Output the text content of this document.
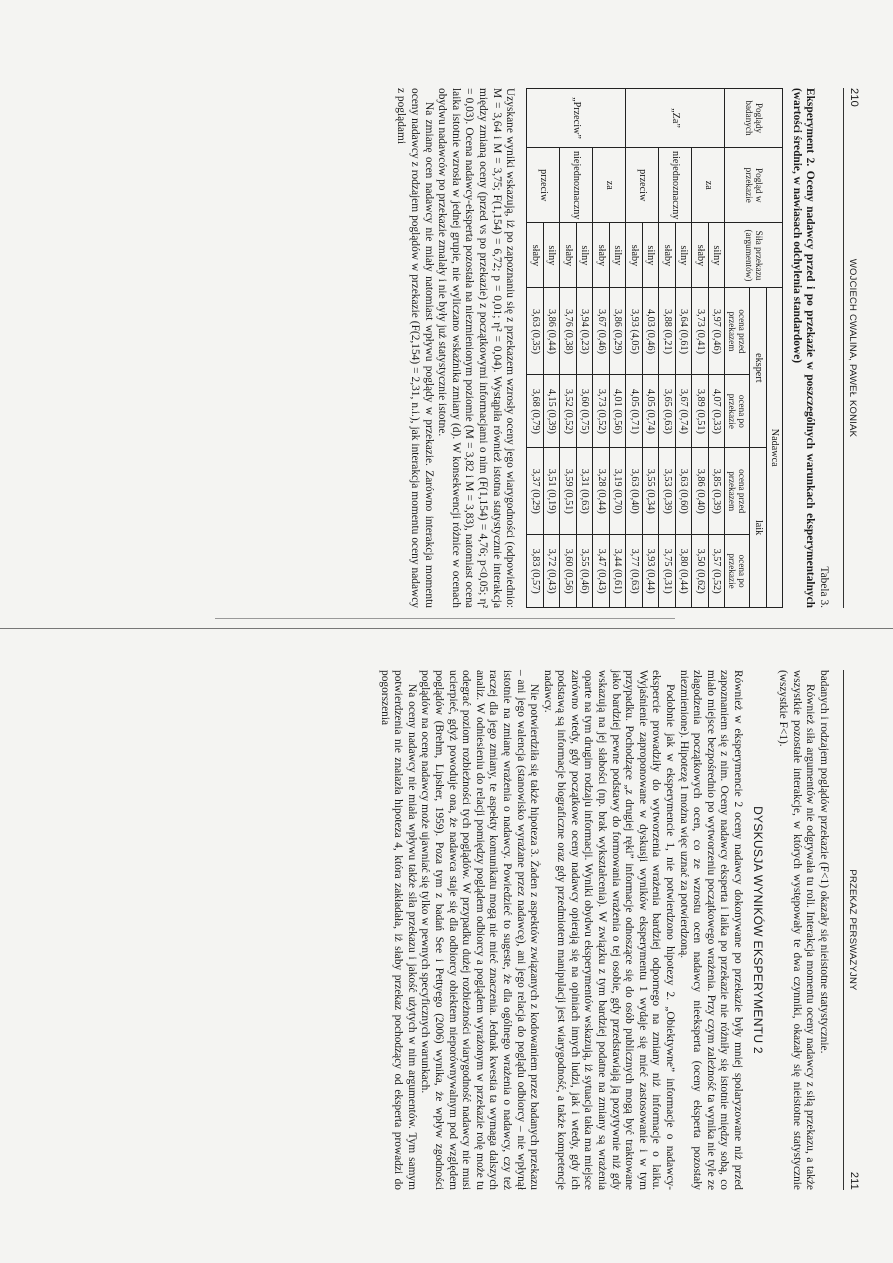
210
WOJCIECH CWALINA, PAWEŁ KONIAK
Tabela 3.
Eksperyment 2. Oceny nadawcy przed i po przekazie w poszczególnych warunkach eksperymentalnych (wartości średnie, w nawiasach odchylenia standardowe)
Poglądy badanych	Pogląd w przekazie	Siła przekazu (argumentów)	Nadawca			
			ekspert		laik	
			ocena przed przekazem	ocena po przekazie	ocena przed przekazem	ocena po przekazie
„Za”	za	silny	3,97 (0,46)	4,07 (0,33)	3,85 (0,39)	3,57 (0,52)
		słaby	3,73 (0,41)	3,89 (0,51)	3,86 (0,40)	3,50 (0,62)
	niejednoznaczny	silny	3,64 (0,61)	3,67 (0,74)	3,63 (0,60)	3,80 (0,44)
		słaby	3,88 (0,21)	3,65 (0,63)	3,53 (0,39)	3,75 (0,31)
	przeciw	silny	4,03 (0,46)	4,05 (0,74)	3,55 (0,34)	3,93 (0,44)
		słaby	3,93 (4,05)	4,05 (0,71)	3,63 (0,40)	3,77 (0,63)
„Przeciw”	za	silny	3,86 (0,29)	4,01 (0,56)	3,19 (0,70)	3,44 (0,61)
		słaby	3,67 (0,46)	3,73 (0,52)	3,28 (0,44)	3,47 (0,43)
	niejednoznaczny	silny	3,94 (0,23)	3,60 (0,75)	3,31 (0,63)	3,55 (0,46)
		słaby	3,76 (0,38)	3,52 (0,52)	3,59 (0,51)	3,60 (0,56)
	przeciw	silny	3,86 (0,44)	4,15 (0,39)	3,51 (0,19)	3,72 (0,43)
		słaby	3,63 (0,35)	3,68 (0,79)	3,37 (0,29)	3,83 (0,57)

Uzyskane wyniki wskazują, iż po zapoznaniu się z przekazem wzrosły oceny jego wiarygodności (odpowiednio: M = 3,64 i M = 3,75; F(1,154) = 6,72; p = 0,01; η² = 0,04). Wystąpiła również istotna statystycznie interakcja między zmianą oceny (przed vs po przekazie) z początkowymi informacjami o nim (F(1,154) = 4,76; p<0,05; η² = 0,03). Ocena nadawcy-eksperta pozostała na niezmienionym poziomie (M = 3,82 i M = 3,83), natomiast ocena laika istotnie wzrosła w jednej grupie, nie wyliczano wskaźnika zmiany (d). W konsekwencji różnice w ocenach obydwu nadawców po przekazie zmalały i nie były już statystycznie istotne.

Na zmianę ocen nadawcy nie miały natomiast wpływu poglądy w przekazie. Zarówno interakcja momentu oceny nadawcy z rodzajem poglądów w przekazie (F(2,154) = 2,31, n.i.), jak interakcja momentu oceny nadawcy z poglądami

PRZEKAZ PERSWAZYJNY
211

badanych i rodzajem poglądów przekazie (F<1) okazały się nieistotne statystycznie.

Również siła argumentów nie odgrywała tu roli. Interakcja momentu oceny nadawcy z siłą przekazu, a także wszystkie pozostałe interakcje, w których występowały te dwa czynniki, okazały się nieistotne statystycznie (wszystkie F<1).

DYSKUSJA WYNIKÓW EKSPERYMENTU 2

Również w eksperymencie 2 oceny nadawcy dokonywane po przekazie były mniej spolaryzowane niż przed zapoznaniem się z nim. Oceny nadawcy eksperta i laika po przekazie nie różniły się istotnie między sobą, co miało miejsce bezpośrednio po wytworzeniu początkowego wrażenia. Przy czym zależność ta wynika nie tyle ze złagodzenia początkowych ocen, co ze wzrostu ocen nadawcy nieeksperta (oceny eksperta pozostały niezmienione). Hipotezę 1 można więc uznać za potwierdzoną.

Podobnie jak w eksperymencie 1, nie potwierdzono hipotezy 2. „Obiektywne” informacje o nadawcy-ekspercie prowadziły do wytworzenia wrażenia bardziej odpornego na zmiany niż informacje o laiku. Wyjaśnienie zaproponowane w dyskusji wyników eksperymentu 1 wydaje się mieć zastosowanie i w tym przypadku. Pochodzące „z drugiej ręki” informacje odnoszące się do osób publicznych mogą być traktowane jako bardziej pewne podstawy do formowania wrażenia o tej osobie, gdy przedstawiają ją pozytywnie niż gdy wskazują na jej słabości (np. brak wykształcenia). W związku z tym bardziej podatne na zmiany są wrażenia oparte na tym drugim rodzaju informacji. Wyniki obydwu eksperymentów wskazują, iż sytuacja taka ma miejsce zarówno wtedy, gdy początkowe oceny nadawcy opierają się na opiniach innych ludzi, jak i wtedy, gdy ich podstawą są informacje biograficzne oraz gdy przedmiotem manipulacji jest wiarygodność, a także kompetencje nadawcy.

Nie potwierdziła się także hipoteza 3. Żaden z aspektów związanych z kodowaniem przez badanych przekazu – ani jego walencja (stanowisko wyrażane przez nadawcę), ani jego relacja do poglądu odbiorcy – nie wpłynął istotnie na zmianę wrażenia o nadawcy. Powiedzieć to sugeste, że dla ogólnego wrażenia o nadawcy, czy też raczej dla jego zmiany, te aspekty komunikatu mogą nie mieć znaczenia. Jednak kwestia ta wymaga dalszych analiz. W odniesieniu do relacji pomiędzy poglądem odbiorcy a poglądem wyrażonym w przekazie rolę może tu odegrać poziom rozbieżności tych poglądów. W przypadku dużej rozbieżności wiarygodność nadawcy nie musi ucierpieć, gdyż powoduje ona, że nadawca staje się dla odbiorcy obiektem nieporównywalnym pod względem poglądów (Brehm, Lipsher, 1959). Poza tym z badań See i Pettyego (2006) wynika, że wpływ zgodności poglądów na ocenę nadawcy może ujawniać się tylko w pewnych specyficznych warunkach.

Na oceny nadawcy nie miała wpływu także siła przekazu i jakość użytych w nim argumentów. Tym samym potwierdzenia nie znalazła hipoteza 4, która zakładała, iż słaby przekaz pochodzący od eksperta prowadzi do pogorszenia
